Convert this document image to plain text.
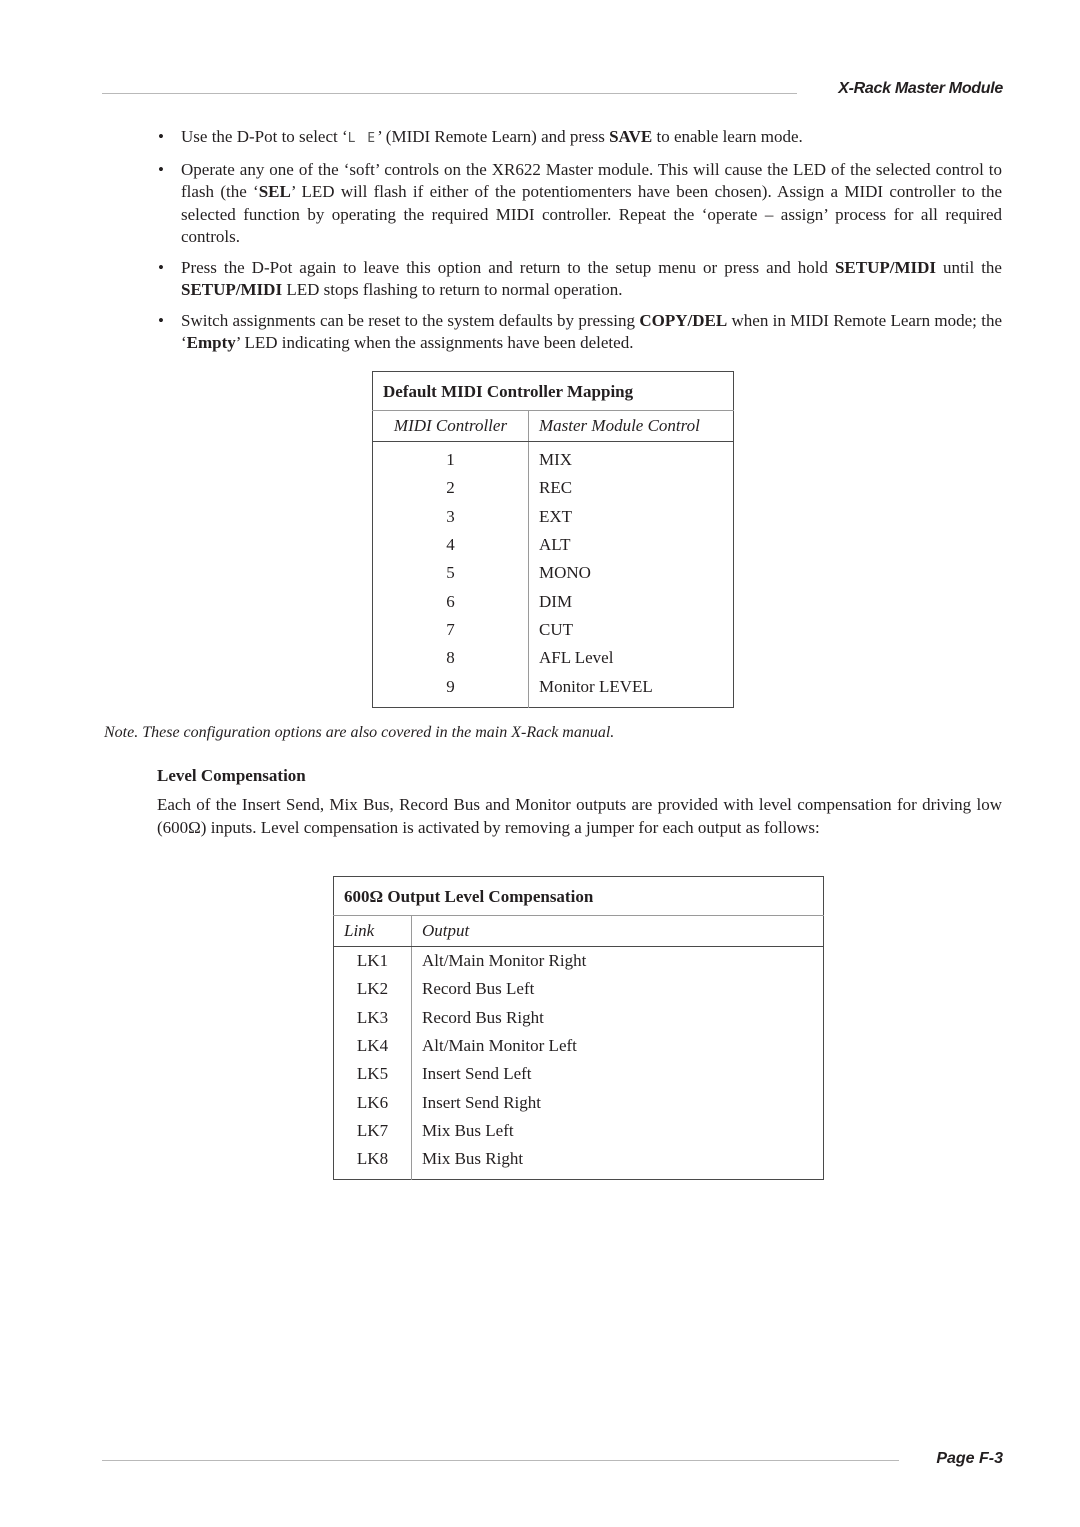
X-Rack Master Module
• Use the D-Pot to select ‘L E’ (MIDI Remote Learn) and press SAVE to enable learn mode.
• Operate any one of the ‘soft’ controls on the XR622 Master module. This will cause the LED of the selected control to flash (the ‘SEL’ LED will flash if either of the potentiomenters have been chosen). Assign a MIDI controller to the selected function by operating the required MIDI controller. Repeat the ‘operate – assign’ process for all required controls.
• Press the D-Pot again to leave this option and return to the setup menu or press and hold SETUP/MIDI until the SETUP/MIDI LED stops flashing to return to normal operation.
• Switch assignments can be reset to the system defaults by pressing COPY/DEL when in MIDI Remote Learn mode; the ‘Empty’ LED indicating when the assignments have been deleted.
Default MIDI Controller Mapping	
MIDI Controller	Master Module Control
1	MIX
2	REC
3	EXT
4	ALT
5	MONO
6	DIM
7	CUT
8	AFL Level
9	Monitor LEVEL
Note. These configuration options are also covered in the main X-Rack manual.
Level Compensation
Each of the Insert Send, Mix Bus, Record Bus and Monitor outputs are provided with level compensation for driving low (600Ω) inputs. Level compensation is activated by removing a jumper for each output as follows:
600Ω Output Level Compensation	
Link	Output
LK1	Alt/Main Monitor Right
LK2	Record Bus Left
LK3	Record Bus Right
LK4	Alt/Main Monitor Left
LK5	Insert Send Left
LK6	Insert Send Right
LK7	Mix Bus Left
LK8	Mix Bus Right
Page F-3
